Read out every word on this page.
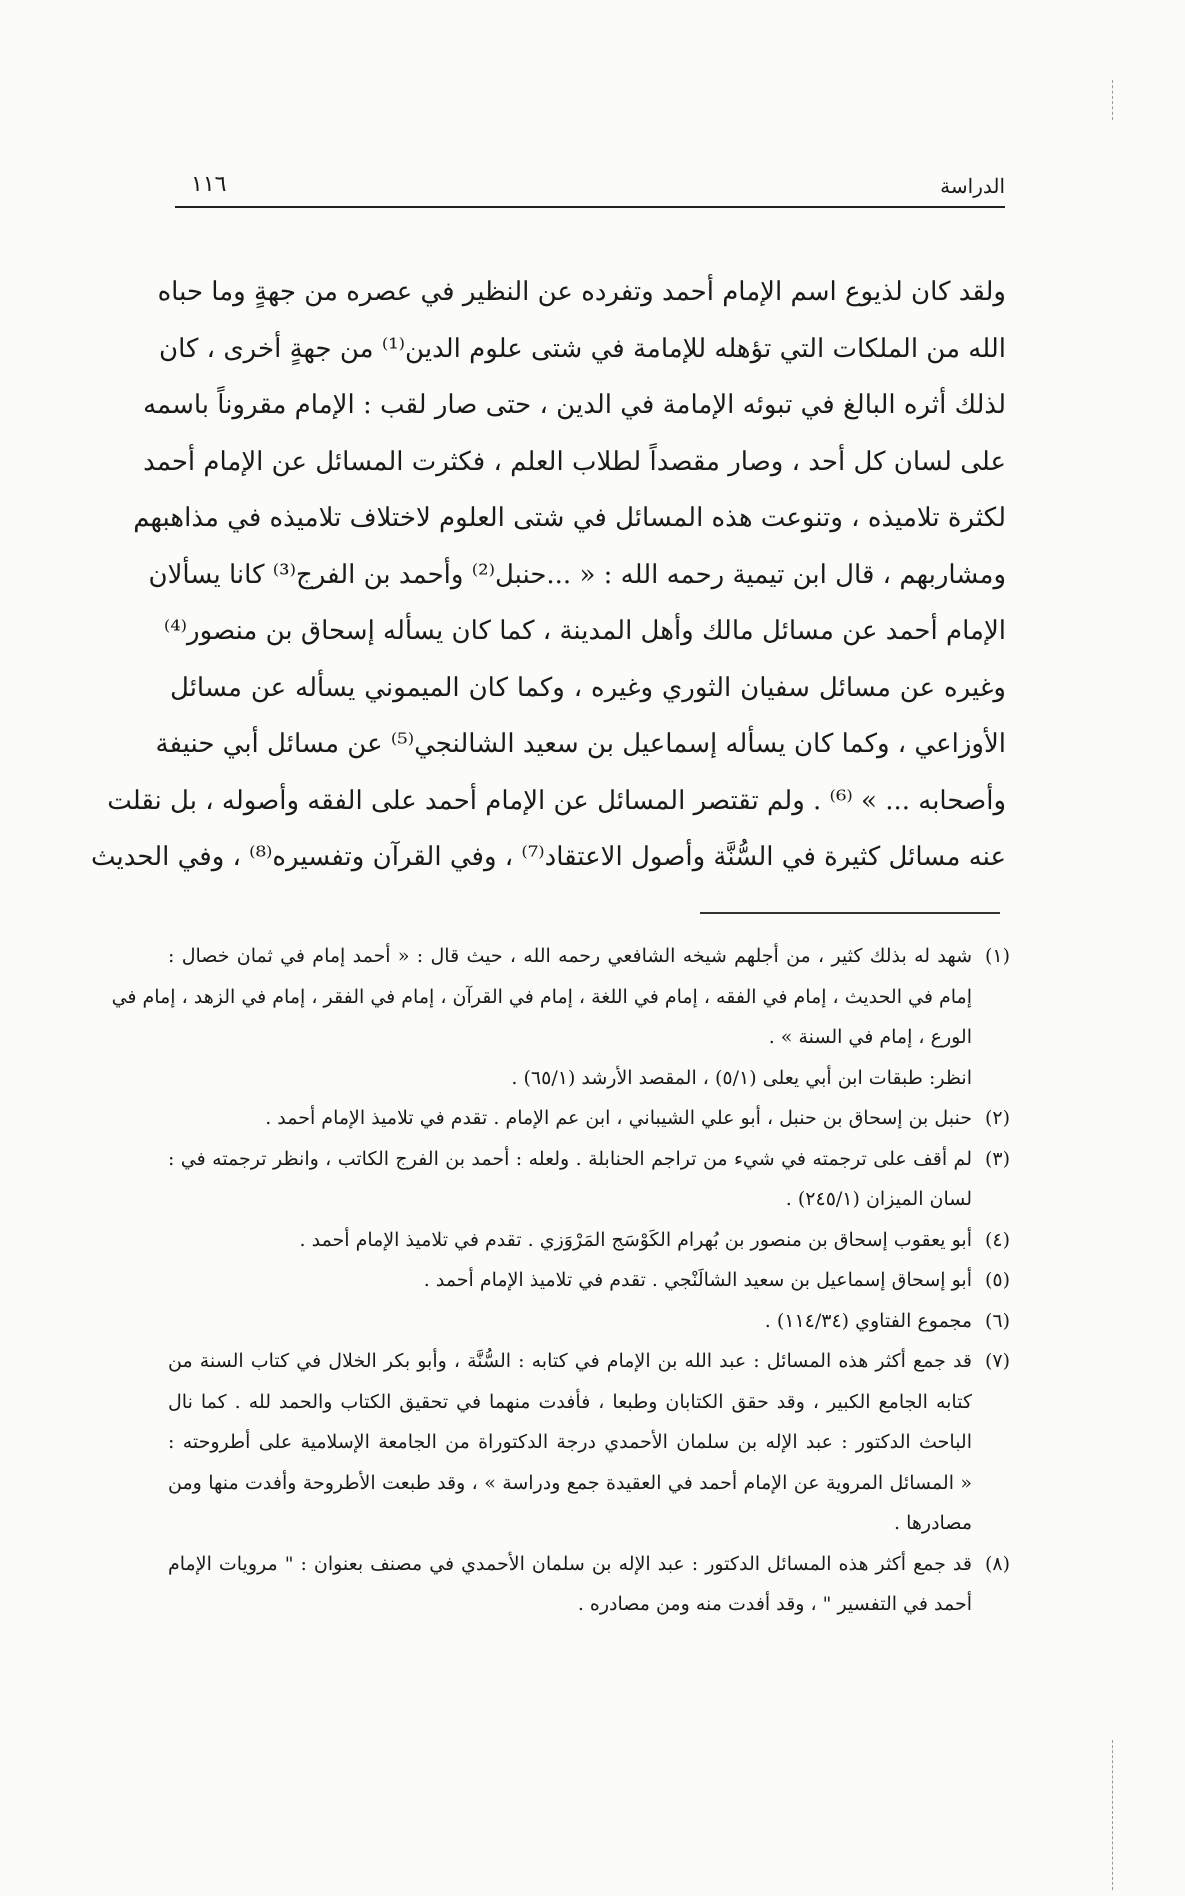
الدراسة
١١٦
ولقد كان لذيوع اسم الإمام أحمد وتفرده عن النظير في عصره من جهةٍ وما حباه
الله من الملكات التي تؤهله للإمامة في شتى علوم الدين⁽¹⁾ من جهةٍ أخرى ، كان
لذلك أثره البالغ في تبوئه الإمامة في الدين ، حتى صار لقب : الإمام مقروناً باسمه
على لسان كل أحد ، وصار مقصداً لطلاب العلم ، فكثرت المسائل عن الإمام أحمد
لكثرة تلاميذه ، وتنوعت هذه المسائل في شتى العلوم لاختلاف تلاميذه في مذاهبهم
ومشاربهم ، قال ابن تيمية رحمه الله : « ...حنبل⁽²⁾ وأحمد بن الفرج⁽³⁾ كانا يسألان
الإمام أحمد عن مسائل مالك وأهل المدينة ، كما كان يسأله إسحاق بن منصور⁽⁴⁾
وغيره عن مسائل سفيان الثوري وغيره ، وكما كان الميموني يسأله عن مسائل
الأوزاعي ، وكما كان يسأله إسماعيل بن سعيد الشالنجي⁽⁵⁾ عن مسائل أبي حنيفة
وأصحابه ... » ⁽⁶⁾ . ولم تقتصر المسائل عن الإمام أحمد على الفقه وأصوله ، بل نقلت
عنه مسائل كثيرة في السُّنَّة وأصول الاعتقاد⁽⁷⁾ ، وفي القرآن وتفسيره⁽⁸⁾ ، وفي الحديث
(١)
شهد له بذلك كثير ، من أجلهم شيخه الشافعي رحمه الله ، حيث قال : « أحمد إمام في ثمان خصال :
إمام في الحديث ، إمام في الفقه ، إمام في اللغة ، إمام في القرآن ، إمام في الفقر ، إمام في الزهد ، إمام في
الورع ، إمام في السنة » .
انظر: طبقات ابن أبي يعلى (٥/١) ، المقصد الأرشد (٦٥/١) .
(٢)
حنبل بن إسحاق بن حنبل ، أبو علي الشيباني ، ابن عم الإمام . تقدم في تلاميذ الإمام أحمد .
(٣)
لم أقف على ترجمته في شيء من تراجم الحنابلة . ولعله : أحمد بن الفرج الكاتب ، وانظر ترجمته في :
لسان الميزان (٢٤٥/١) .
(٤)
أبو يعقوب إسحاق بن منصور بن بُهرام الكَوْسَج المَرْوَزي . تقدم في تلاميذ الإمام أحمد .
(٥)
أبو إسحاق إسماعيل بن سعيد الشالَنْجي . تقدم في تلاميذ الإمام أحمد .
(٦)
مجموع الفتاوي (١١٤/٣٤) .
(٧)
قد جمع أكثر هذه المسائل : عبد الله بن الإمام في كتابه : السُّنَّة ، وأبو بكر الخلال في كتاب السنة من
كتابه الجامع الكبير ، وقد حقق الكتابان وطبعا ، فأفدت منهما في تحقيق الكتاب والحمد لله . كما نال
الباحث الدكتور : عبد الإله بن سلمان الأحمدي درجة الدكتوراة من الجامعة الإسلامية على أطروحته :
« المسائل المروية عن الإمام أحمد في العقيدة جمع ودراسة » ، وقد طبعت الأطروحة وأفدت منها ومن
مصادرها .
(٨)
قد جمع أكثر هذه المسائل الدكتور : عبد الإله بن سلمان الأحمدي في مصنف بعنوان : " مرويات الإمام
أحمد في التفسير " ، وقد أفدت منه ومن مصادره .
